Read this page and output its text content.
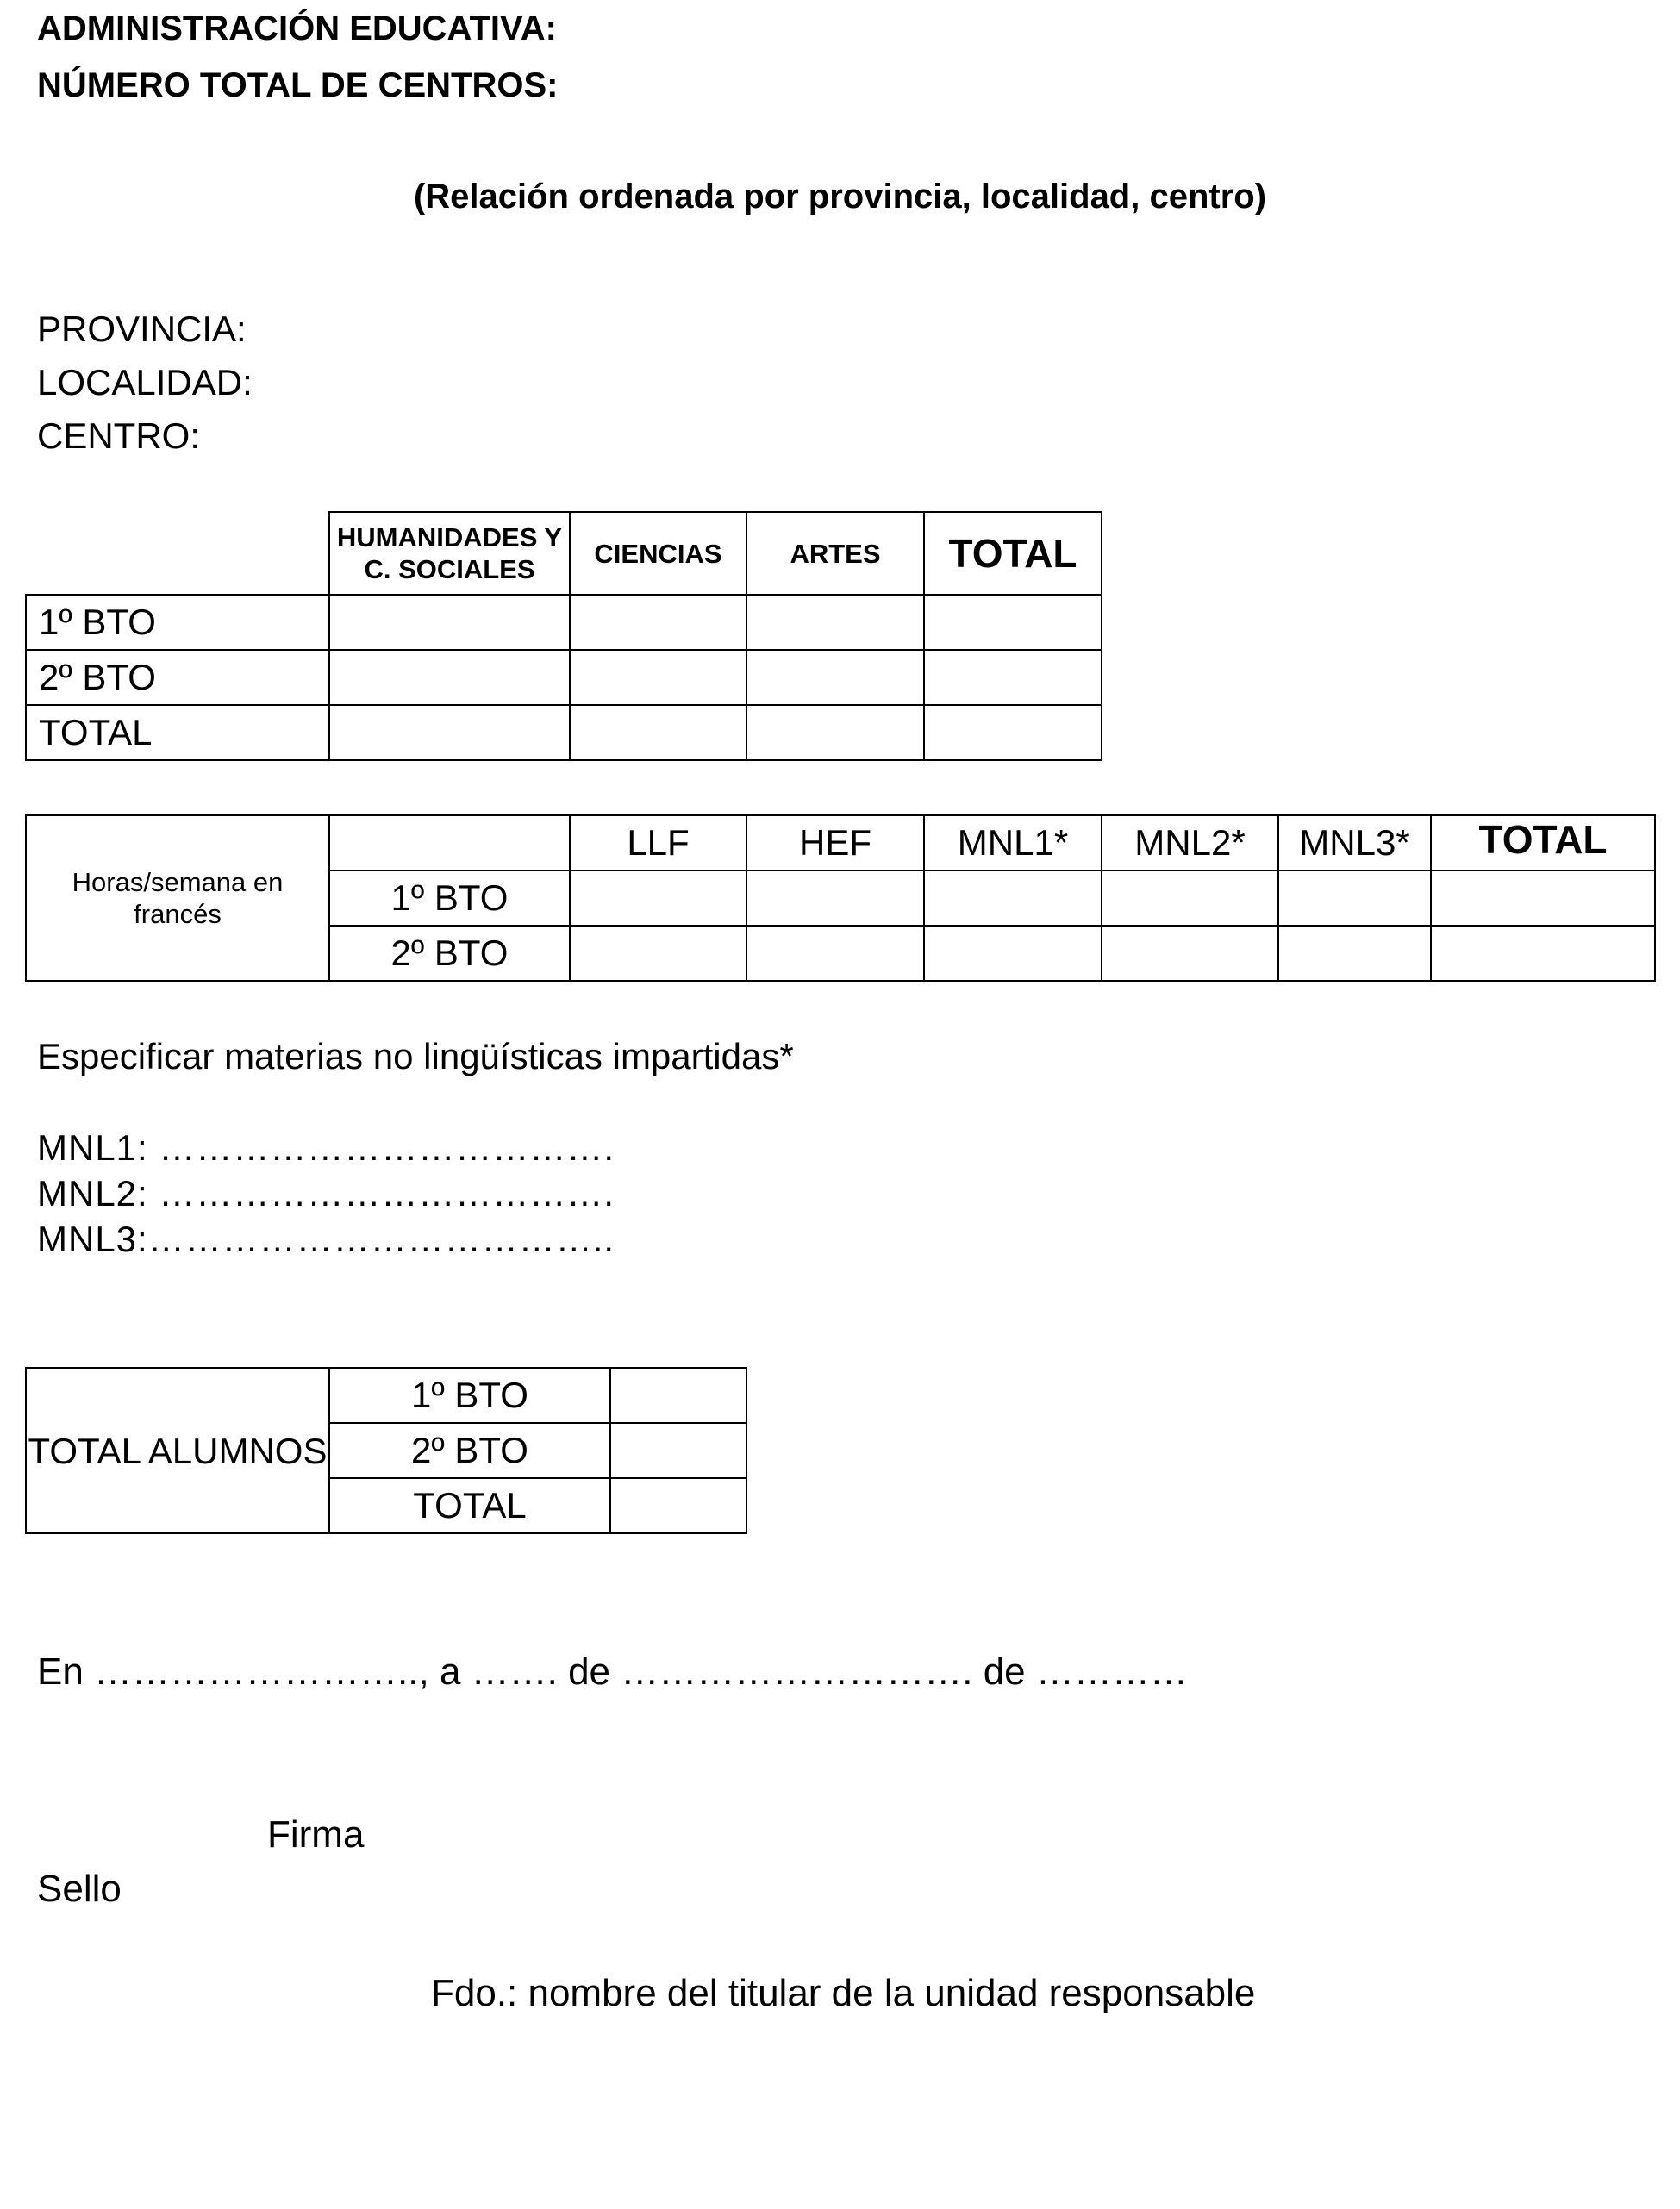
ADMINISTRACIÓN EDUCATIVA:
NÚMERO TOTAL DE CENTROS:
(Relación ordenada por provincia, localidad, centro)
PROVINCIA:
LOCALIDAD:
CENTRO:
	HUMANIDADES Y C. SOCIALES	CIENCIAS	ARTES	TOTAL
1º BTO				
2º BTO				
TOTAL				
Horas/semana en francés		LLF	HEF	MNL1*	MNL2*	MNL3*	TOTAL
	1º BTO						
	2º BTO						
Especificar materias no lingüísticas impartidas*
MNL1: ……………………………….
MNL2: ……………………………….
MNL3:………………………………..
TOTAL ALUMNOS	1º BTO	
	2º BTO	
	TOTAL	
En …………………….., a ……. de ………………………. de …………
Firma
Sello
Fdo.: nombre del titular de la unidad responsable
